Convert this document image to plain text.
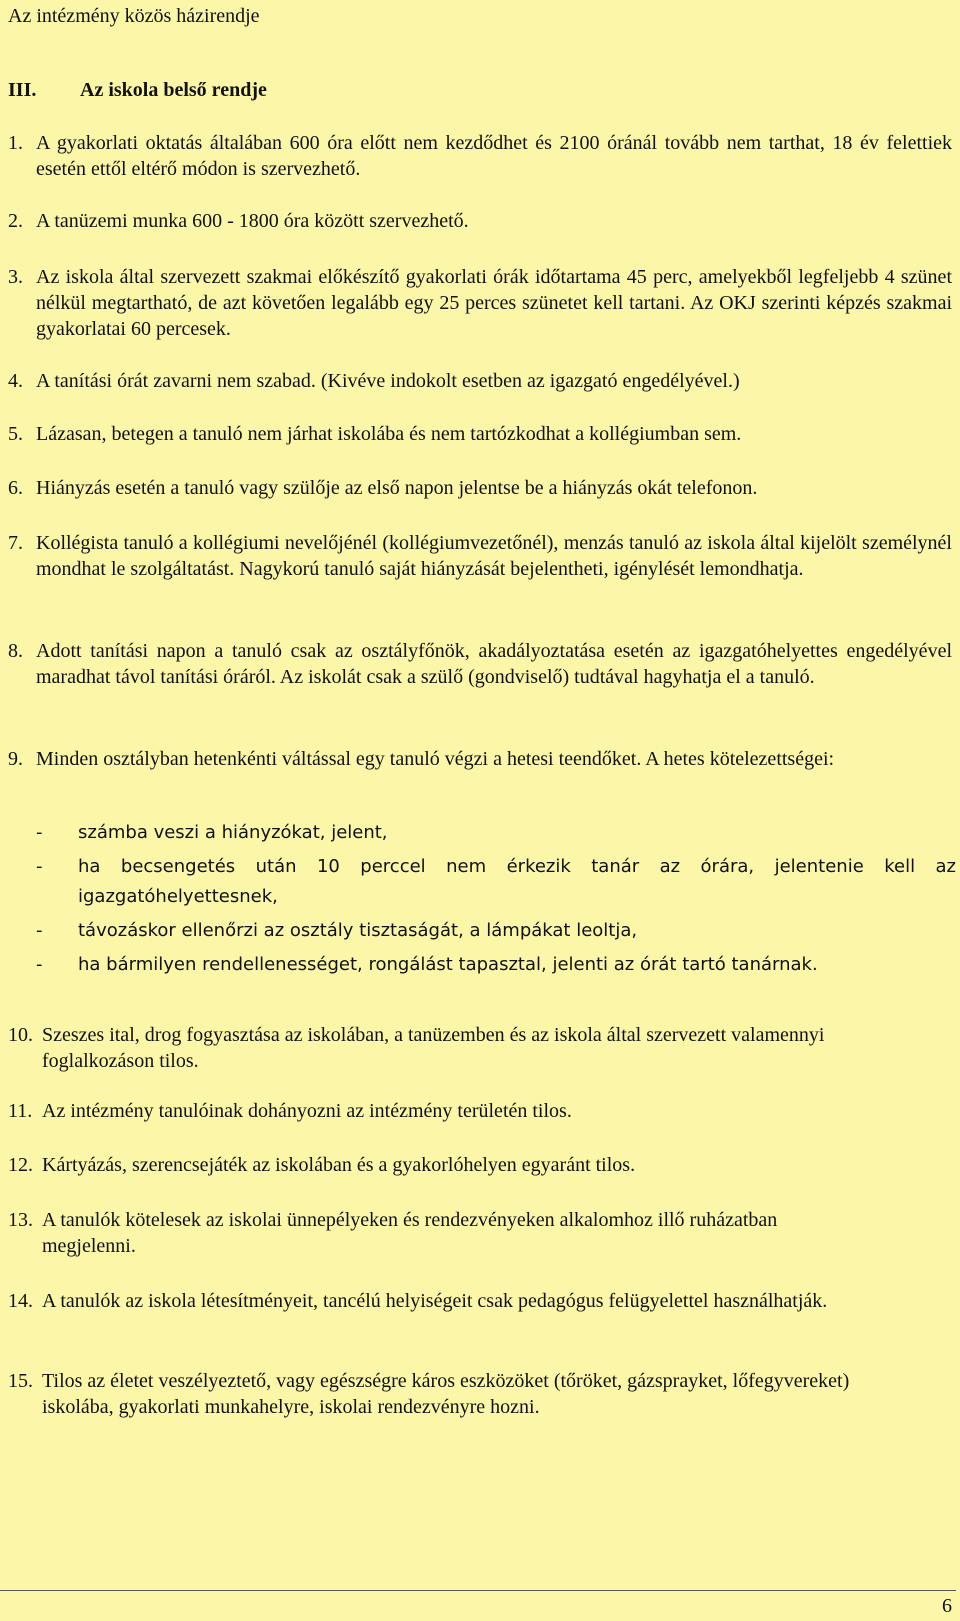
Az intézmény közös házirendje
III.	Az iskola belső rendje
1. A gyakorlati oktatás általában 600 óra előtt nem kezdődhet és 2100 óránál tovább nem tarthat, 18 év felettiek esetén ettől eltérő módon is szervezhető.
2. A tanüzemi munka 600 - 1800 óra között szervezhető.
3. Az iskola által szervezett szakmai előkészítő gyakorlati órák időtartama 45 perc, amelyekből legfeljebb 4 szünet nélkül megtartható, de azt követően legalább egy 25 perces szünetet kell tartani. Az OKJ szerinti képzés szakmai gyakorlatai 60 percesek.
4. A tanítási órát zavarni nem szabad. (Kivéve indokolt esetben az igazgató engedélyével.)
5. Lázasan, betegen a tanuló nem járhat iskolába és nem tartózkodhat a kollégiumban sem.
6. Hiányzás esetén a tanuló vagy szülője az első napon jelentse be a hiányzás okát telefonon.
7. Kollégista tanuló a kollégiumi nevelőjénél (kollégiumvezetőnél), menzás tanuló az iskola által kijelölt személynél mondhat le szolgáltatást. Nagykorú tanuló saját hiányzását bejelentheti, igénylését lemondhatja.
8. Adott tanítási napon a tanuló csak az osztályfőnök, akadályoztatása esetén az igazgatóhelyettes engedélyével maradhat távol tanítási óráról. Az iskolát csak a szülő (gondviselő) tudtával hagyhatja el a tanuló.
9. Minden osztályban hetenkénti váltással egy tanuló végzi a hetesi teendőket. A hetes kötelezettségei:
-	számba veszi a hiányzókat, jelent,
-	ha becsengetés után 10 perccel nem érkezik tanár az órára, jelentenie kell az igazgatóhelyettesnek,
-	távozáskor ellenőrzi az osztály tisztaságát, a lámpákat leoltja,
-	ha bármilyen rendellenességet, rongálást tapasztal, jelenti az órát tartó tanárnak.
10. Szeszes ital, drog fogyasztása az iskolában, a tanüzemben és az iskola által szervezett valamennyi foglalkozáson tilos.
11. Az intézmény tanulóinak dohányozni az intézmény területén tilos.
12. Kártyázás, szerencsejáték az iskolában és a gyakorlóhelyen egyaránt tilos.
13. A tanulók kötelesek az iskolai ünnepélyeken és rendezvényeken alkalomhoz illő ruházatban megjelenni.
14. A tanulók az iskola létesítményeit, tancélú helyiségeit csak pedagógus felügyelettel használhatják.
15. Tilos az életet veszélyeztető, vagy egészségre káros eszközöket (tőröket, gázsprayket, lőfegyvereket) iskolába, gyakorlati munkahelyre, iskolai rendezvényre hozni.
6
